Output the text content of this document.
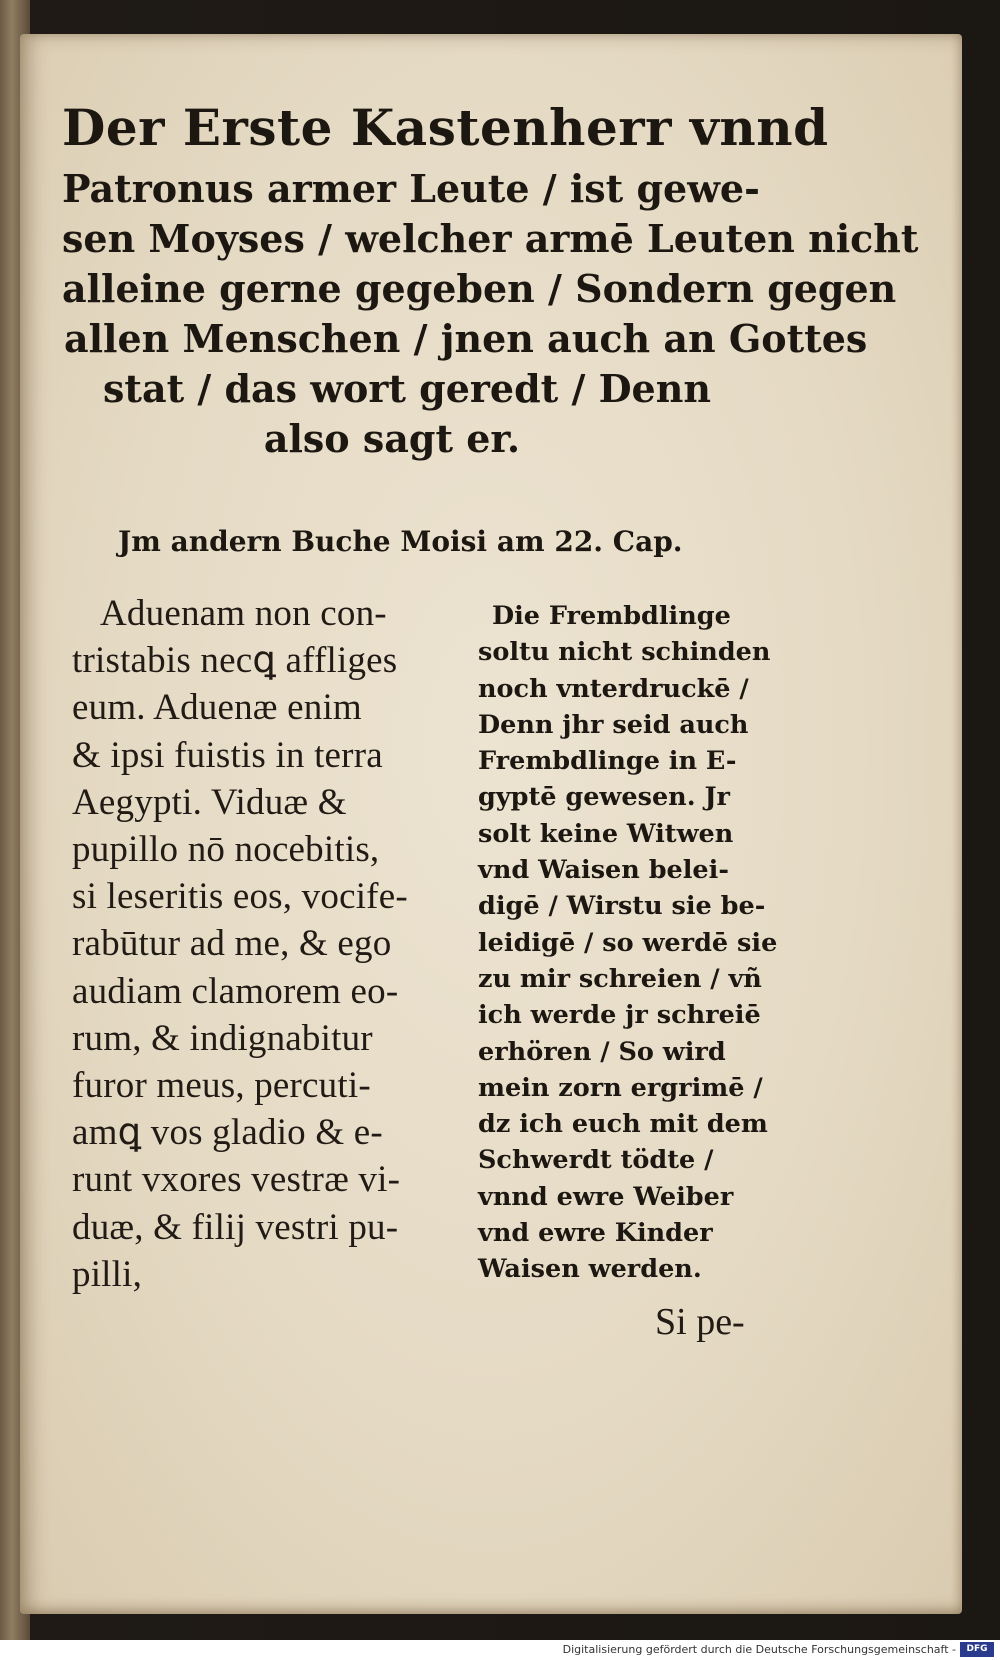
Der Erste Kastenherr vnnd

Patronus armer Leute / ist gewe-
sen Moyses / welcher armē Leuten nicht
alleine gerne gegeben / Sondern gegen
allen Menschen / jnen auch an Gottes
stat / das wort geredt / Denn
also sagt er.

Jm andern Buche Moisi am 22. Cap.

Aduenam non con-
tristabis necꝗ affliges
eum. Aduenæ enim
& ipsi fuistis in terra
Aegypti. Viduæ &
pupillo nō nocebitis,
si leseritis eos, vocife-
rabūtur ad me, & ego
audiam clamorem eo-
rum, & indignabitur
furor meus, percuti-
amꝗ vos gladio & e-
runt vxores vestræ vi-
duæ, & filij vestri pu-
pilli,
Die Frembdlinge
soltu nicht schinden
noch vnterdruckē /
Denn jhr seid auch
Frembdlinge in E-
gyptē gewesen. Jr
solt keine Witwen
vnd Waisen belei-
digē / Wirstu sie be-
leidigē / so werdē sie
zu mir schreien / vñ
ich werde jr schreiē
erhören / So wird
mein zorn ergrimē /
dz ich euch mit dem
Schwerdt tödte /
vnnd ewre Weiber
vnd ewre Kinder
Waisen werden.

Si pe-

Digitalisierung gefördert durch die Deutsche Forschungsgemeinschaft -	DFG
